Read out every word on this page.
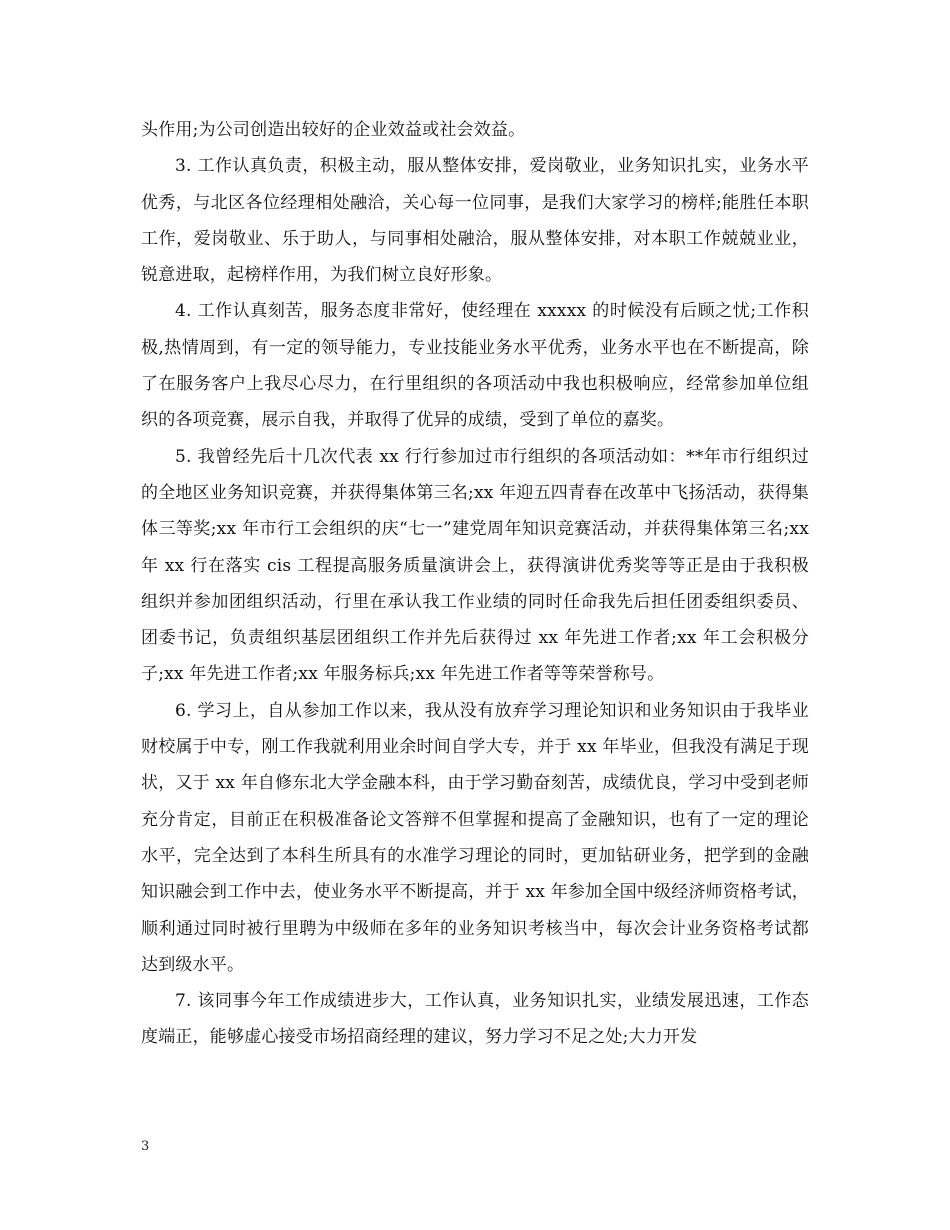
头作用;为公司创造出较好的企业效益或社会效益。

3. 工作认真负责，积极主动，服从整体安排，爱岗敬业，业务知识扎实，业务水平优秀，与北区各位经理相处融洽，关心每一位同事，是我们大家学习的榜样;能胜任本职工作，爱岗敬业、乐于助人，与同事相处融洽，服从整体安排，对本职工作兢兢业业，锐意进取，起榜样作用，为我们树立良好形象。

4. 工作认真刻苦，服务态度非常好，使经理在 xxxxx 的时候没有后顾之忧;工作积极,热情周到，有一定的领导能力，专业技能业务水平优秀，业务水平也在不断提高，除了在服务客户上我尽心尽力，在行里组织的各项活动中我也积极响应，经常参加单位组织的各项竞赛，展示自我，并取得了优异的成绩，受到了单位的嘉奖。

5. 我曾经先后十几次代表 xx 行行参加过市行组织的各项活动如：**年市行组织过的全地区业务知识竞赛，并获得集体第三名;xx 年迎五四青春在改革中飞扬活动，获得集体三等奖;xx 年市行工会组织的庆“七一”建党周年知识竞赛活动，并获得集体第三名;xx 年 xx 行在落实 cis 工程提高服务质量演讲会上，获得演讲优秀奖等等正是由于我积极组织并参加团组织活动，行里在承认我工作业绩的同时任命我先后担任团委组织委员、团委书记，负责组织基层团组织工作并先后获得过 xx 年先进工作者;xx 年工会积极分子;xx 年先进工作者;xx 年服务标兵;xx 年先进工作者等等荣誉称号。

6. 学习上，自从参加工作以来，我从没有放弃学习理论知识和业务知识由于我毕业财校属于中专，刚工作我就利用业余时间自学大专，并于 xx 年毕业，但我没有满足于现状，又于 xx 年自修东北大学金融本科，由于学习勤奋刻苦，成绩优良，学习中受到老师充分肯定，目前正在积极准备论文答辩不但掌握和提高了金融知识，也有了一定的理论水平，完全达到了本科生所具有的水准学习理论的同时，更加钻研业务，把学到的金融知识融会到工作中去，使业务水平不断提高，并于 xx 年参加全国中级经济师资格考试，顺利通过同时被行里聘为中级师在多年的业务知识考核当中，每次会计业务资格考试都达到级水平。

7. 该同事今年工作成绩进步大，工作认真，业务知识扎实，业绩发展迅速，工作态度端正，能够虚心接受市场招商经理的建议，努力学习不足之处;大力开发

3
